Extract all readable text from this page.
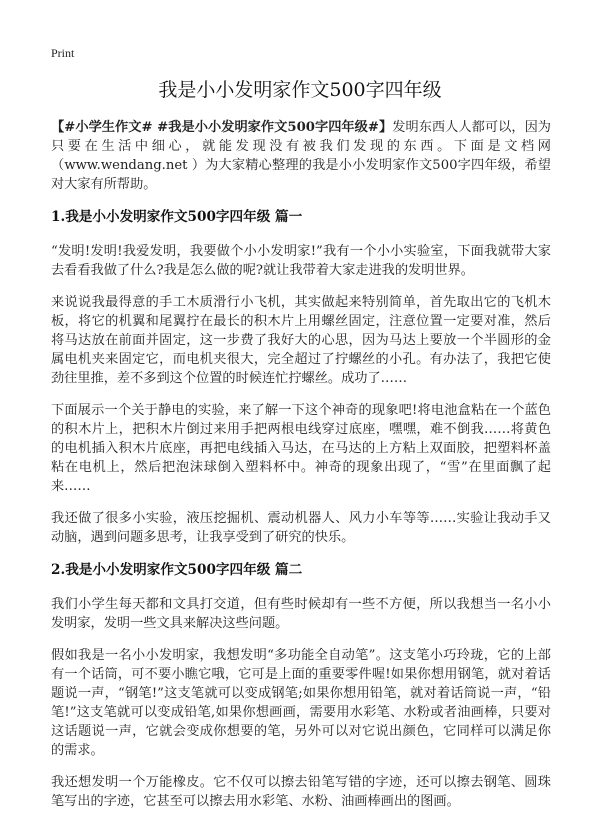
Print
我是小小发明家作文500字四年级

【#小学生作文# #我是小小发明家作文500字四年级#】发明东西人人都可以，因为只要在生活中细心，就能发现没有被我们发现的东西。下面是文档网（www.wendang.net ）为大家精心整理的我是小小发明家作文500字四年级，希望对大家有所帮助。

1.我是小小发明家作文500字四年级 篇一

“发明!发明!我爱发明，我要做个小小发明家!”我有一个小小实验室，下面我就带大家去看看我做了什么?我是怎么做的呢?就让我带着大家走进我的发明世界。

来说说我最得意的手工木质滑行小飞机，其实做起来特别简单，首先取出它的飞机木板，将它的机翼和尾翼拧在最长的积木片上用螺丝固定，注意位置一定要对准，然后将马达放在前面并固定，这一步费了我好大的心思，因为马达上要放一个半圆形的金属电机夹来固定它，而电机夹很大，完全超过了拧螺丝的小孔。有办法了，我把它使劲往里推，差不多到这个位置的时候连忙拧螺丝。成功了……

下面展示一个关于静电的实验，来了解一下这个神奇的现象吧!将电池盒粘在一个蓝色的积木片上，把积木片倒过来用手把两根电线穿过底座，嘿嘿，难不倒我……将黄色的电机插入积木片底座，再把电线插入马达，在马达的上方粘上双面胶，把塑料杯盖粘在电机上，然后把泡沫球倒入塑料杯中。神奇的现象出现了，“雪”在里面飘了起来……

我还做了很多小实验，液压挖掘机、震动机器人、风力小车等等……实验让我动手又动脑，遇到问题多思考，让我享受到了研究的快乐。

2.我是小小发明家作文500字四年级 篇二

我们小学生每天都和文具打交道，但有些时候却有一些不方便，所以我想当一名小小发明家，发明一些文具来解决这些问题。

假如我是一名小小发明家，我想发明“多功能全自动笔”。这支笔小巧玲珑，它的上部有一个话筒，可不要小瞧它哦，它可是上面的重要零件喔!如果你想用钢笔，就对着话题说一声，“钢笔!”这支笔就可以变成钢笔;如果你想用铅笔，就对着话筒说一声，“铅笔!”这支笔就可以变成铅笔,如果你想画画，需要用水彩笔、水粉或者油画棒，只要对这话题说一声，它就会变成你想要的笔，另外可以对它说出颜色，它同样可以满足你的需求。

我还想发明一个万能橡皮。它不仅可以擦去铅笔写错的字迹，还可以擦去钢笔、圆珠笔写出的字迹，它甚至可以擦去用水彩笔、水粉、油画棒画出的图画。
